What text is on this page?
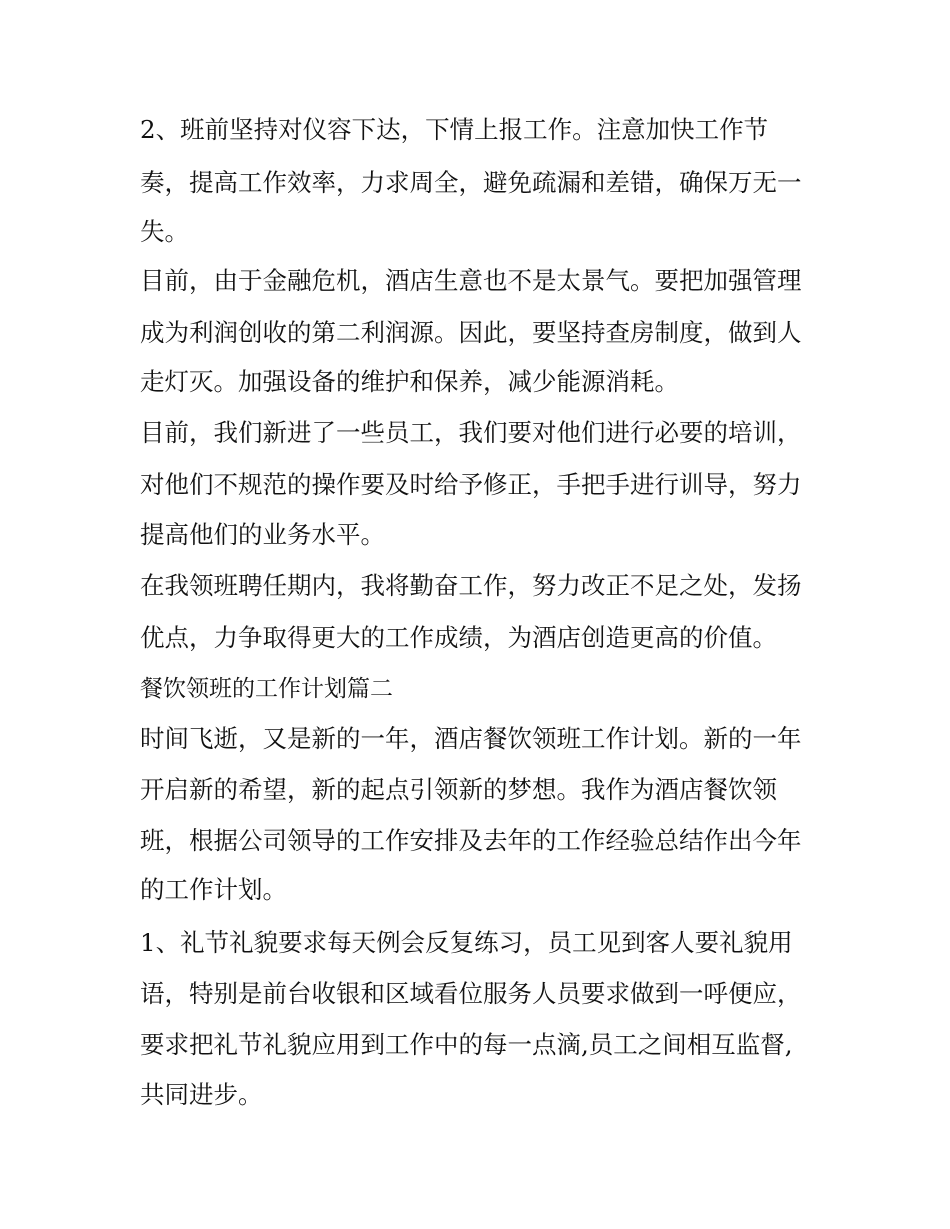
2、班前坚持对仪容下达，下情上报工作。注意加快工作节

奏，提高工作效率，力求周全，避免疏漏和差错，确保万无一

失。

目前，由于金融危机，酒店生意也不是太景气。要把加强管理

成为利润创收的第二利润源。因此，要坚持查房制度，做到人

走灯灭。加强设备的维护和保养，减少能源消耗。

目前，我们新进了一些员工，我们要对他们进行必要的培训，

对他们不规范的操作要及时给予修正，手把手进行训导，努力

提高他们的业务水平。

在我领班聘任期内，我将勤奋工作，努力改正不足之处，发扬

优点，力争取得更大的工作成绩，为酒店创造更高的价值。

餐饮领班的工作计划篇二

时间飞逝，又是新的一年，酒店餐饮领班工作计划。新的一年

开启新的希望，新的起点引领新的梦想。我作为酒店餐饮领

班，根据公司领导的工作安排及去年的工作经验总结作出今年

的工作计划。

1、礼节礼貌要求每天例会反复练习，员工见到客人要礼貌用

语，特别是前台收银和区域看位服务人员要求做到一呼便应，

要求把礼节礼貌应用到工作中的每一点滴,员工之间相互监督,

共同进步。
